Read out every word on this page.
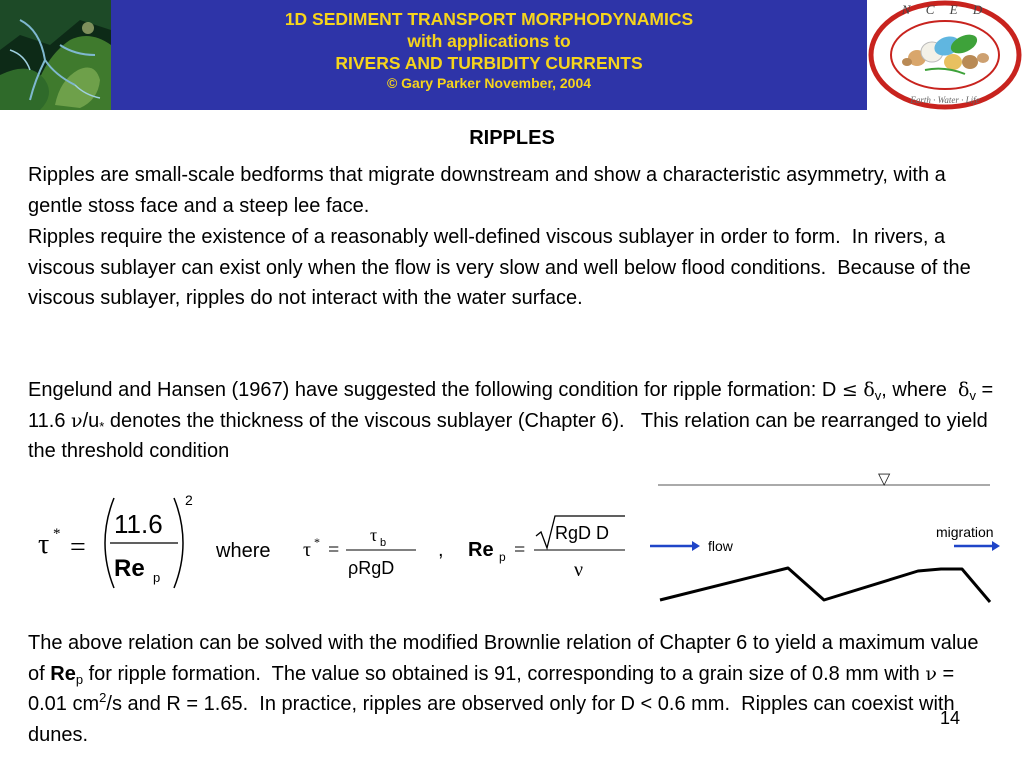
1D SEDIMENT TRANSPORT MORPHODYNAMICS
with applications to
RIVERS AND TURBIDITY CURRENTS
© Gary Parker November, 2004
N C E D
Earth · Water · Life
RIPPLES

Ripples are small-scale bedforms that migrate downstream and show a characteristic asymmetry, with a gentle stoss face and a steep lee face.

Ripples require the existence of a reasonably well-defined viscous sublayer in order to form.  In rivers, a viscous sublayer can exist only when the flow is very slow and well below flood conditions.  Because of the viscous sublayer, ripples do not interact with the water surface.

Engelund and Hansen (1967) have suggested the following condition for ripple formation: $D \le \delta_v$, where  $\delta_v = 11.6$ $\nu/u_*$ denotes the thickness of the viscous sublayer (Chapter 6).   This relation can be rearranged to yield the threshold condition

The above relation can be solved with the modified Brownlie relation of Chapter 6 to yield a maximum value of $Re_p$ for ripple formation.  The value so obtained is 91, corresponding to a grain size of 0.8 mm with ν = 0.01 $cm^2/s$ and R = 1.65.  In practice, ripples are observed only for D < 0.6 mm.  Ripples can coexist with dunes.

τ * =
11.6
Re p
2
where τ * =
τ b
ρRgD
, Re p =
RgD D
ν
▽
flow
migration
14
